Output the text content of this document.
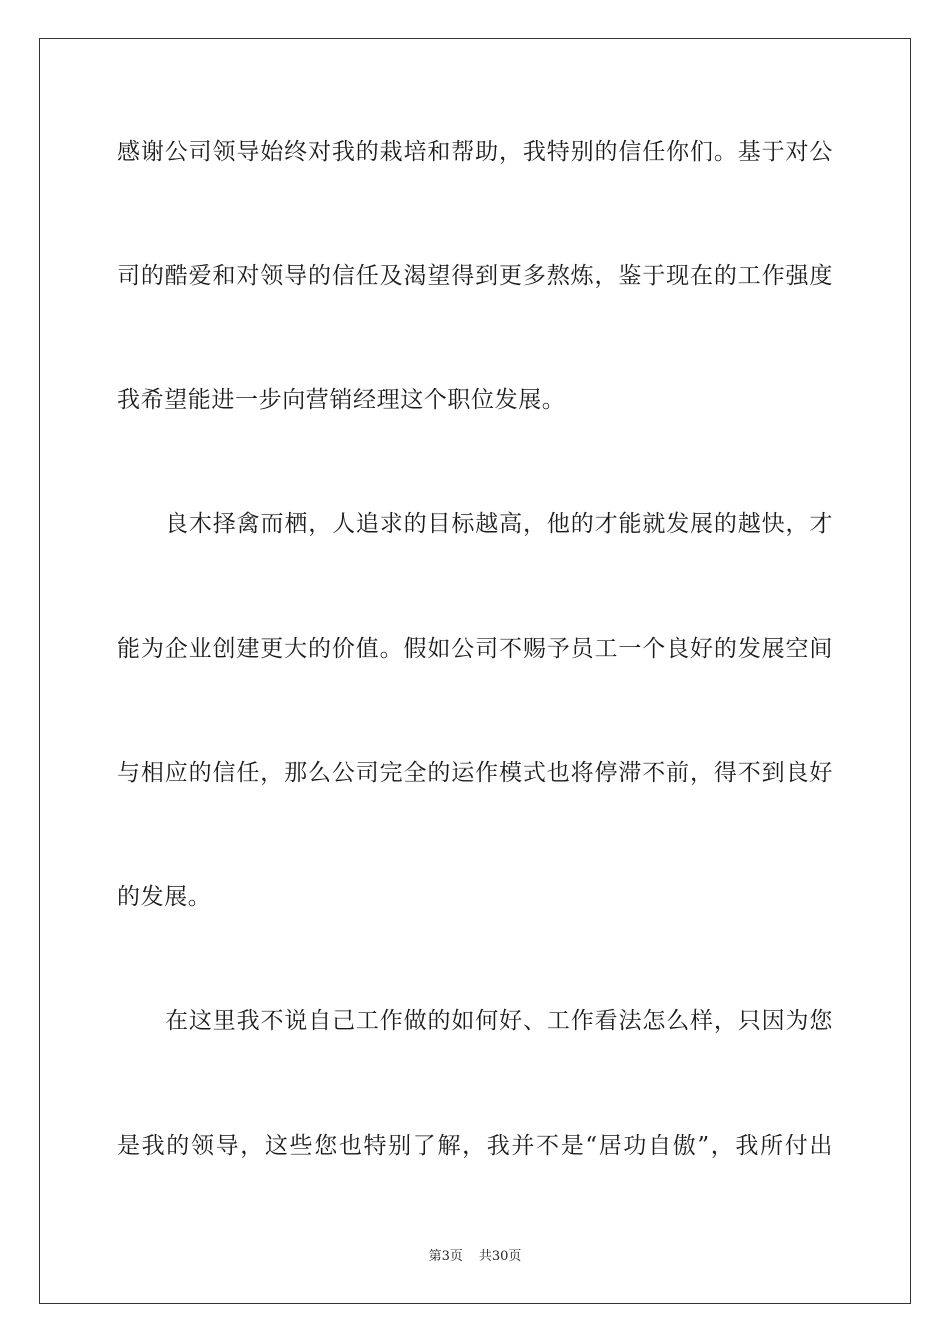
感谢公司领导始终对我的栽培和帮助，我特别的信任你们。基于对公
司的酷爱和对领导的信任及渴望得到更多熬炼，鉴于现在的工作强度
我希望能进一步向营销经理这个职位发展。
良木择禽而栖，人追求的目标越高，他的才能就发展的越快，才
能为企业创建更大的价值。假如公司不赐予员工一个良好的发展空间
与相应的信任，那么公司完全的运作模式也将停滞不前，得不到良好
的发展。
在这里我不说自己工作做的如何好、工作看法怎么样，只因为您
是我的领导，这些您也特别了解，我并不是“居功自傲”，我所付出
第3页 共30页
